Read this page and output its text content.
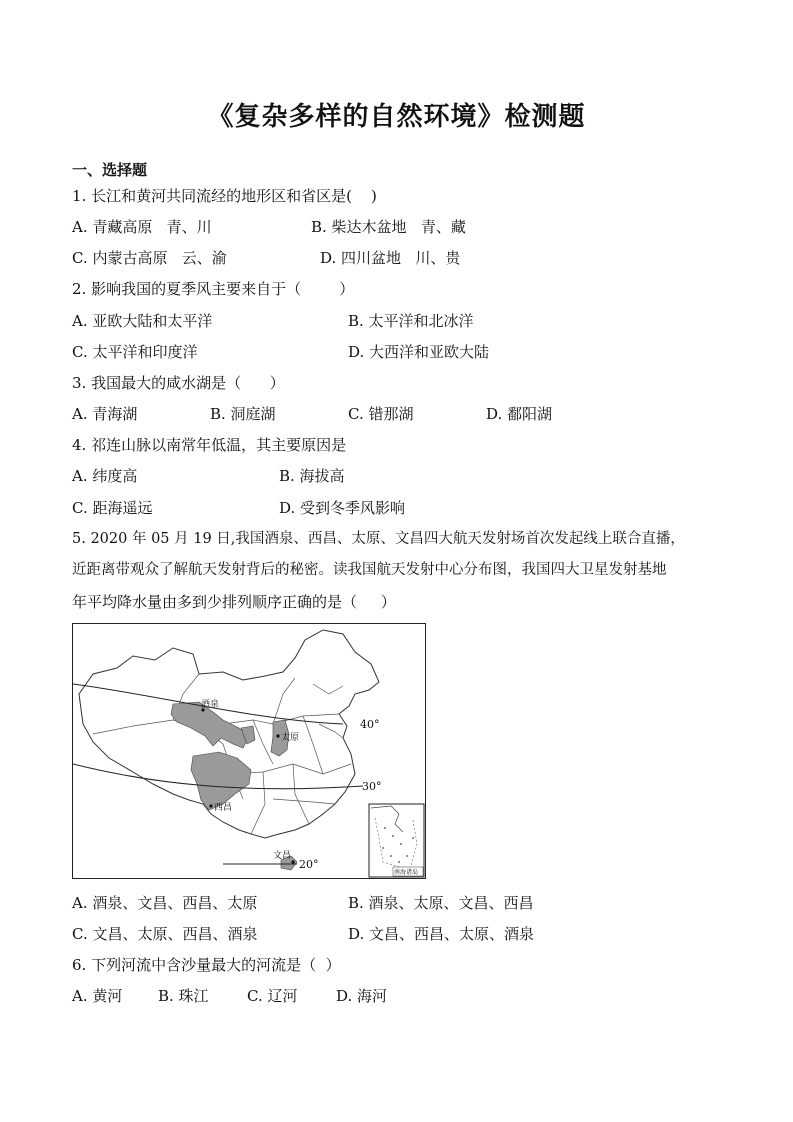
《复杂多样的自然环境》检测题
一、选择题
1. 长江和黄河共同流经的地形区和省区是(    )
A. 青藏高原   青、川	B. 柴达木盆地   青、藏
C. 内蒙古高原   云、渝	D. 四川盆地   川、贵
2. 影响我国的夏季风主要来自于（        ）
A. 亚欧大陆和太平洋	B. 太平洋和北冰洋
C. 太平洋和印度洋	D. 大西洋和亚欧大陆
3. 我国最大的咸水湖是（      ）
A. 青海湖	B. 洞庭湖	C. 错那湖	D. 鄱阳湖
4. 祁连山脉以南常年低温，其主要原因是
A. 纬度高	B. 海拔高
C. 距海遥远	D. 受到冬季风影响
5. 2020 年 05 月 19 日,我国酒泉、西昌、太原、文昌四大航天发射场首次发起线上联合直播，
近距离带观众了解航天发射背后的秘密。读我国航天发射中心分布图，我国四大卫星发射基地
年平均降水量由多到少排列顺序正确的是（     ）
酒泉
太原
西昌
文昌
40°
30°
20°
南海诸岛
A. 酒泉、文昌、西昌、太原	B. 酒泉、太原、文昌、西昌
C. 文昌、太原、西昌、酒泉	D. 文昌、西昌、太原、酒泉
6. 下列河流中含沙量最大的河流是（  ）
A. 黄河 B. 珠江	C. 辽河	D. 海河
